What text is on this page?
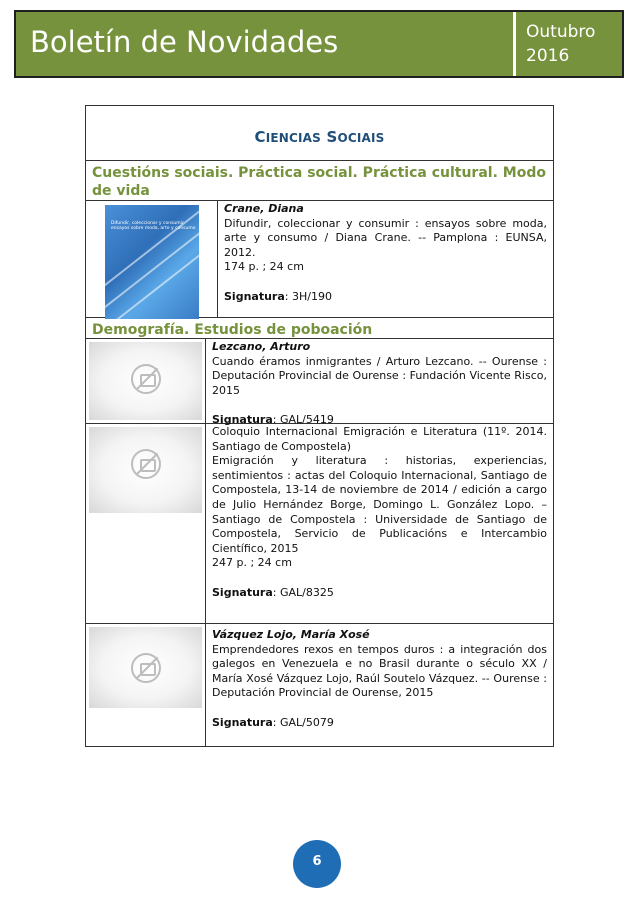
Boletín de Novidades	Outubro
2016
CIENCIAS SOCIAIS
Cuestións sociais. Práctica social. Práctica cultural. Modo de vida
Difundir, coleccionar y consumir ensayos sobre moda, arte y consumo
Crane, Diana
Difundir, coleccionar y consumir : ensayos sobre moda, arte y consumo / Diana Crane. -- Pamplona : EUNSA, 2012.
174 p. ; 24 cm
Signatura: 3H/190
Demografía. Estudios de poboación
Lezcano, Arturo
Cuando éramos inmigrantes / Arturo Lezcano. -- Ourense : Deputación Provincial de Ourense : Fundación Vicente Risco, 2015
Signatura: GAL/5419
Coloquio Internacional Emigración e Literatura (11º. 2014. Santiago de Compostela)
Emigración y literatura : historias, experiencias, sentimientos : actas del Coloquio Internacional, Santiago de Compostela, 13-14 de noviembre de 2014 / edición a cargo de Julio Hernández Borge, Domingo L. González Lopo. – Santiago de Compostela : Universidade de Santiago de Compostela, Servicio de Publicacións e Intercambio Científico, 2015
247 p. ; 24 cm
Signatura: GAL/8325
Vázquez Lojo, María Xosé
Emprendedores rexos en tempos duros : a integración dos galegos en Venezuela e no Brasil durante o século XX / María Xosé Vázquez Lojo, Raúl Soutelo Vázquez. -- Ourense : Deputación Provincial de Ourense, 2015
Signatura: GAL/5079
6
